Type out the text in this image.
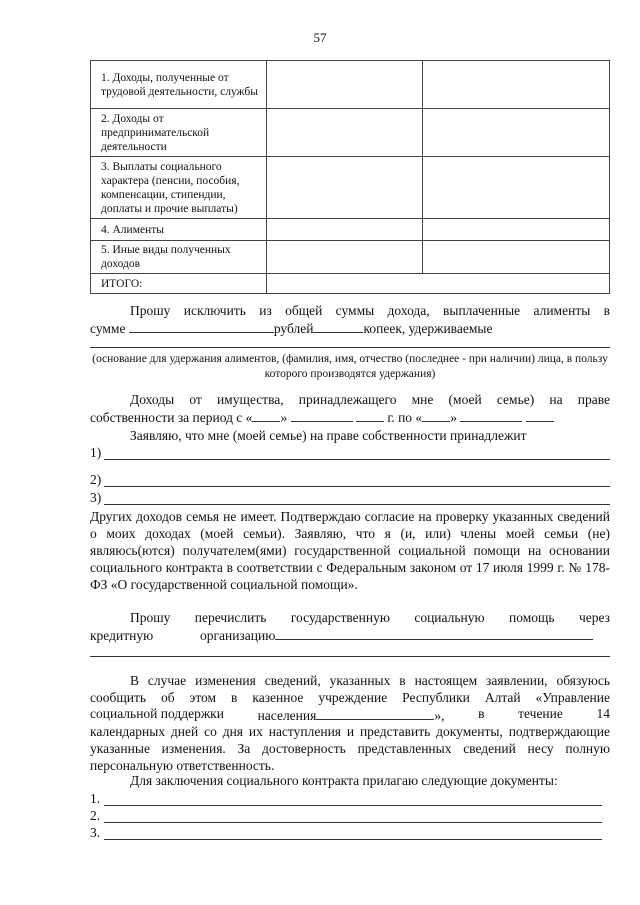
57
1. Доходы, полученные от трудовой деятельности, службы		

2. Доходы от предпринимательской деятельности		

3. Выплаты социального характера (пенсии, пособия, компенсации, стипендии, доплаты и прочие выплаты)		

4. Алименты		

5. Иные виды полученных доходов		

ИТОГО:		

Прошу исключить из общей суммы дохода, выплаченные алименты в
сумме	рублей	копеек, удерживаемые
(основание для удержания алиментов, (фамилия, имя, отчество (последнее - при наличии) лица, в пользу которого производятся удержания)
Доходы от имущества, принадлежащего мне (моей семье) на праве
собственности за период с « »	г. по « »
Заявляю, что мне (моей семье) на праве собственности принадлежит
1)
2)
3)
Других доходов семья не имеет. Подтверждаю согласие на проверку указанных сведений о моих доходах (моей семьи). Заявляю, что я (и, или) члены моей семьи (не) являюсь(ются) получателем(ями) государственной социальной помощи на основании социального контракта в соответствии с Федеральным законом от 17 июля 1999 г. № 178-ФЗ «О государственной социальной помощи».
Прошу перечислить государственную социальную помощь через
кредитную	организацию
В случае изменения сведений, указанных в настоящем заявлении, обязуюсь сообщить об этом в казенное учреждение Республики Алтай «Управление
социальной поддержки населения	», в течение 14
календарных дней со дня их наступления и представить документы, подтверждающие указанные изменения. За достоверность представленных сведений несу полную персональную ответственность.
Для заключения социального контракта прилагаю следующие документы:
1.
2.
3.
